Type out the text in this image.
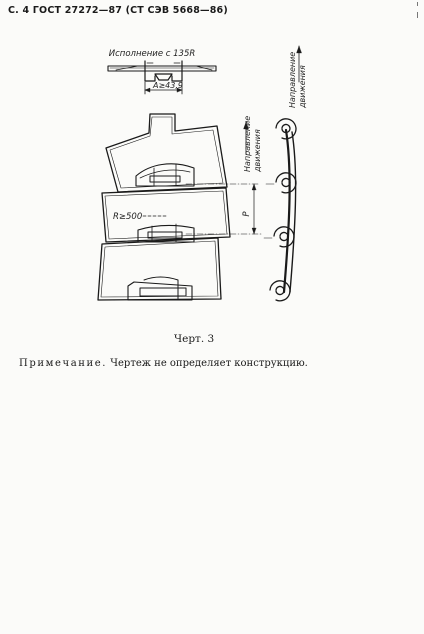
С. 4 ГОСТ 27272—87 (СТ СЭВ 5668—86)
Исполнение с 135R
A≥43,9
R≥500	P
Направление движения
Направление движения
Черт. 3
Примечание. Чертеж не определяет конструкцию.
